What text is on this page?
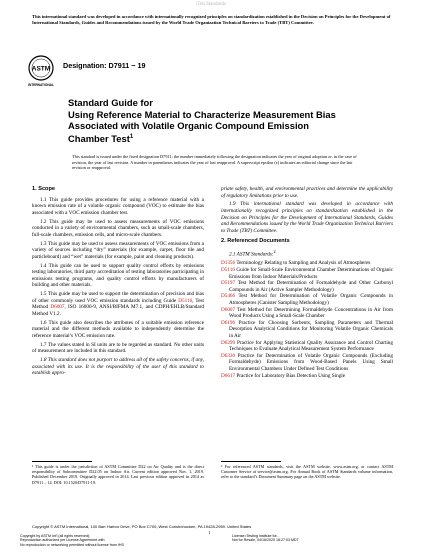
iTeh Standards
This international standard was developed in accordance with internationally recognized principles on standardization established in the Decision on Principles for the Development of International Standards, Guides and Recommendations issued by the World Trade Organization Technical Barriers to Trade (TBT) Committee.
ASTM
INTERNATIONAL
Designation: D7911 − 19
Standard Guide for
Using Reference Material to Characterize Measurement Bias
Associated with Volatile Organic Compound Emission
Chamber Test$^1$
This standard is issued under the fixed designation D7911; the number immediately following the designation indicates the year of original adoption or, in the case of revision, the year of last revision. A number in parentheses indicates the year of last reapproval. A superscript epsilon (ε) indicates an editorial change since the last revision or reapproval.
1. Scope

1.1 This guide provides procedures for using a reference material with a known emission rate of a volatile organic compound (VOC) to estimate the bias associated with a VOC emission chamber test.

1.2 This guide may be used to assess measurements of VOC emissions conducted in a variety of environmental chambers, such as small-scale chambers, full-scale chambers, emission cells, and micro-scale chambers.

1.3 This guide may be used to assess measurements of VOC emissions from a variety of sources including “dry” materials (for example, carpet, floor tile and particleboard) and “wet” materials (for example, paint and cleaning products).

1.4 This guide can be used to support quality control efforts by emissions testing laboratories, third party accreditation of testing laboratories participating in emissions testing programs, and quality control efforts by manufacturers of building and other materials.

1.5 This guide may be used to support the determination of precision and bias of other commonly used VOC emission standards including Guide D5116, Test Method D6007, ISO 16000-9, ANSI/BIFMA M7.1, and CDPH/EHLB/Standard Method V1.2.

1.6 This guide also describes the attributes of a suitable emission reference material and the different methods available to independently determine the reference material’s VOC emission rate.

1.7 The values stated in SI units are to be regarded as standard. No other units of measurement are included in this standard.

1.8 This standard does not purport to address all of the safety concerns, if any, associated with its use. It is the responsibility of the user of this standard to establish appro-

priate safety, health, and environmental practices and determine the applicability of regulatory limitations prior to use.

1.9 This international standard was developed in accordance with internationally recognized principles on standardization established in the Decision on Principles for the Development of International Standards, Guides and Recommendations issued by the World Trade Organization Technical Barriers to Trade (TBT) Committee.

2. Referenced Documents

2.1 ASTM Standards:$^2$

D1356 Terminology Relating to Sampling and Analysis of Atmospheres

D5116 Guide for Small-Scale Environmental Chamber Determinations of Organic Emissions from Indoor Materials/Products

D5197 Test Method for Determination of Formaldehyde and Other Carbonyl Compounds in Air (Active Sampler Methodology)

D5466 Test Method for Determination of Volatile Organic Compounds in Atmospheres (Canister Sampling Methodology)

D6007 Test Method for Determining Formaldehyde Concentrations in Air from Wood Products Using a Small-Scale Chamber

D6196 Practice for Choosing Sorbents, Sampling Parameters and Thermal Desorption Analytical Conditions for Monitoring Volatile Organic Chemicals in Air

D6299 Practice for Applying Statistical Quality Assurance and Control Charting Techniques to Evaluate Analytical Measurement System Performance

D6330 Practice for Determination of Volatile Organic Compounds (Excluding Formaldehyde) Emissions from Wood-Based Panels Using Small Environmental Chambers Under Defined Test Conditions

D6617 Practice for Laboratory Bias Detection Using Single

¹ This guide is under the jurisdiction of ASTM Committee D22 on Air Quality and is the direct responsibility of Subcommittee D22.05 on Indoor Air. Current edition approved Nov. 1, 2019. Published December 2019. Originally approved in 2014. Last previous edition approved in 2014 as D7911 – 14. DOI: 10.1520/D7911-19.
² For referenced ASTM standards, visit the ASTM website, www.astm.org, or contact ASTM Customer Service at service@astm.org. For Annual Book of ASTM Standards volume information, refer to the standard’s Document Summary page on the ASTM website.
Copyright © ASTM International, 100 Barr Harbor Drive, PO Box C700, West Conshohocken, PA 19428-2959. United States
1
Copyright by ASTM Int'l (all rights reserved);
Reproduction authorized per License Agreement with
No reproduction or networking permitted without license from IHS
License=Testing Institute for...
Not for Resale, 04/16/2020 18:27:03 MDT
